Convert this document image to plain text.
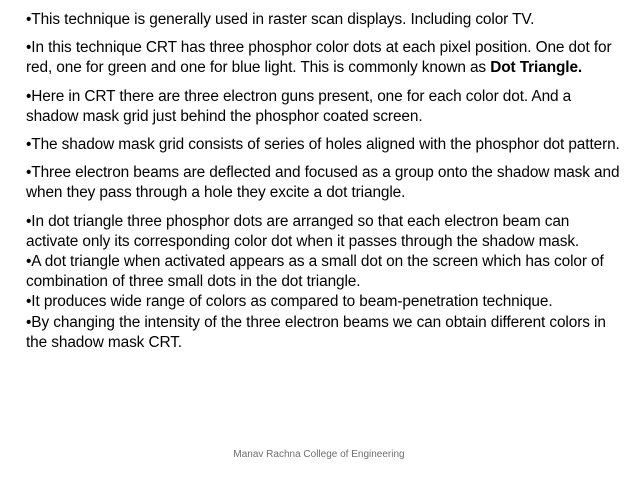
•This technique is generally used in raster scan displays. Including color TV.

•In this technique CRT has three phosphor color dots at each pixel position. One dot for red, one for green and one for blue light. This is commonly known as Dot Triangle.

•Here in CRT there are three electron guns present, one for each color dot. And a shadow mask grid just behind the phosphor coated screen.

•The shadow mask grid consists of series of holes aligned with the phosphor dot pattern.

•Three electron beams are deflected and focused as a group onto the shadow mask and when they pass through a hole they excite a dot triangle.

•In dot triangle three phosphor dots are arranged so that each electron beam can activate only its corresponding color dot when it passes through the shadow mask.

•A dot triangle when activated appears as a small dot on the screen which has color of combination of three small dots in the dot triangle.

•It produces wide range of colors as compared to beam-penetration technique.

•By changing the intensity of the three electron beams we can obtain different colors in the shadow mask CRT.

Manav Rachna College of Engineering
